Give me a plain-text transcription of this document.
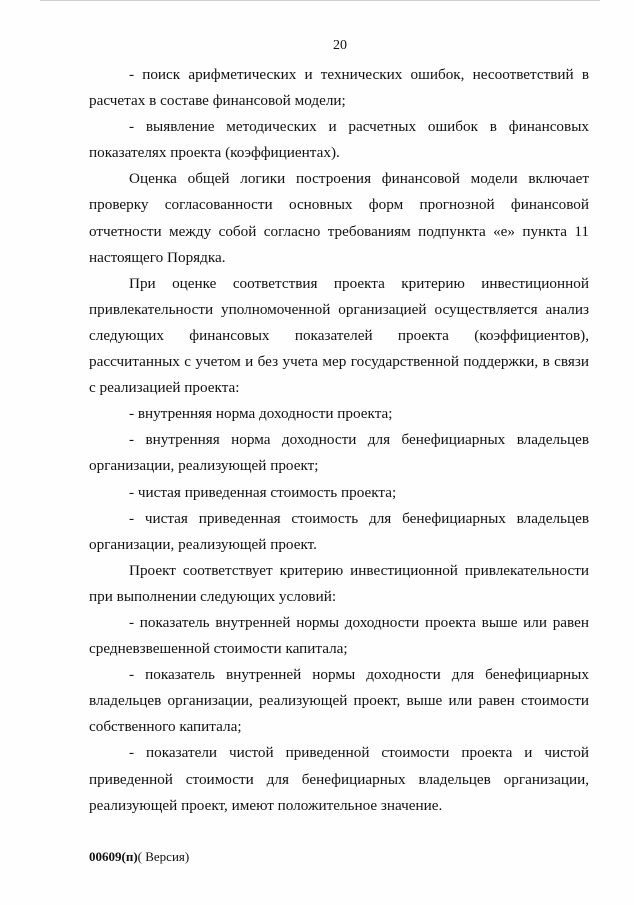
20

- поиск арифметических и технических ошибок, несоответствий в расчетах в составе финансовой модели;

- выявление методических и расчетных ошибок в финансовых показателях проекта (коэффициентах).

Оценка общей логики построения финансовой модели включает проверку согласованности основных форм прогнозной финансовой отчетности между собой согласно требованиям подпункта «е» пункта 11 настоящего Порядка.

При оценке соответствия проекта критерию инвестиционной привлекательности уполномоченной организацией осуществляется анализ следующих финансовых показателей проекта (коэффициентов), рассчитанных с учетом и без учета мер государственной поддержки, в связи с реализацией проекта:

- внутренняя норма доходности проекта;

- внутренняя норма доходности для бенефициарных владельцев организации, реализующей проект;

- чистая приведенная стоимость проекта;

- чистая приведенная стоимость для бенефициарных владельцев организации, реализующей проект.

Проект соответствует критерию инвестиционной привлекательности при выполнении следующих условий:

- показатель внутренней нормы доходности проекта выше или равен средневзвешенной стоимости капитала;

- показатель внутренней нормы доходности для бенефициарных владельцев организации, реализующей проект, выше или равен стоимости собственного капитала;

- показатели чистой приведенной стоимости проекта и чистой приведенной стоимости для бенефициарных владельцев организации, реализующей проект, имеют положительное значение.

00609(п)( Версия)
